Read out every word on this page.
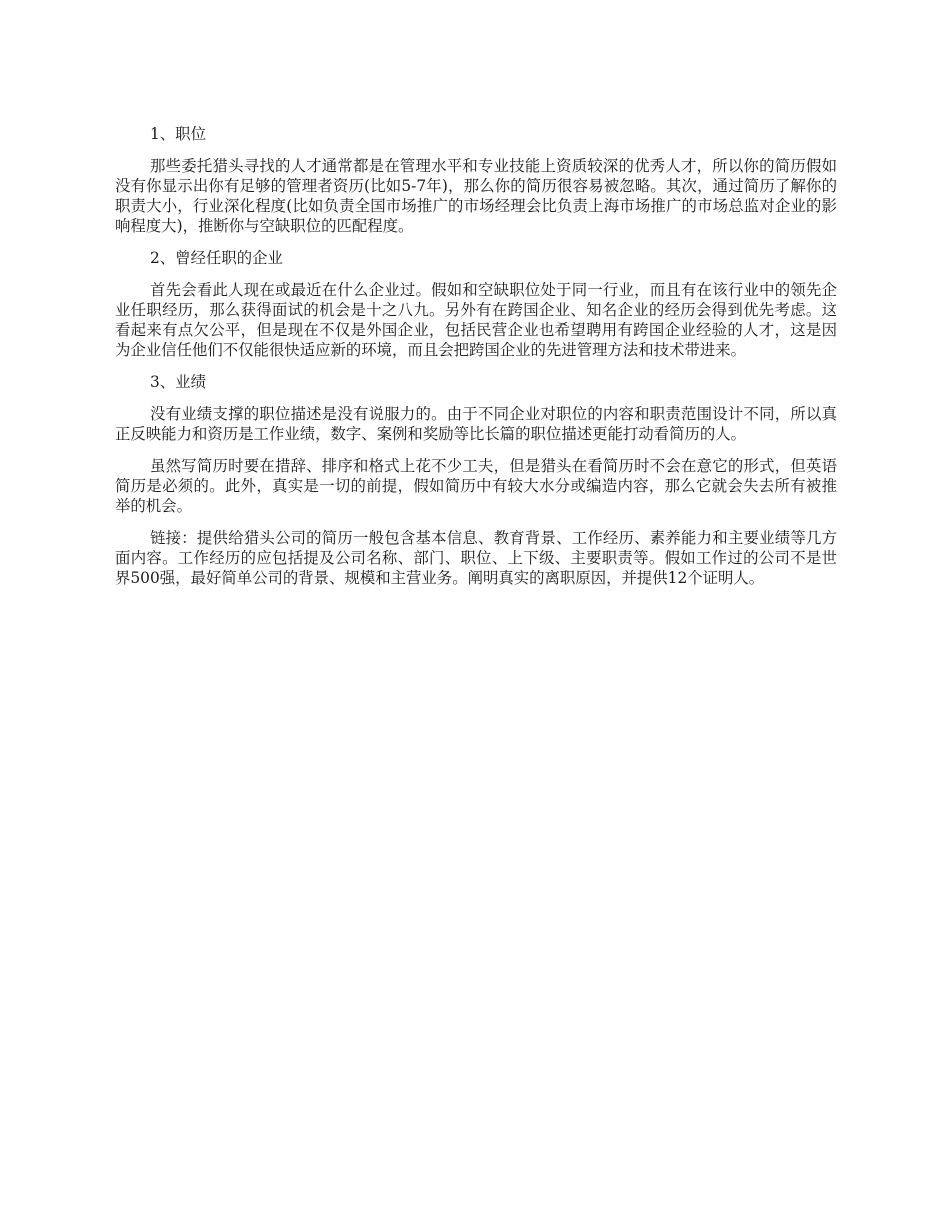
1、职位

那些委托猎头寻找的人才通常都是在管理水平和专业技能上资质较深的优秀人才，所以你的简历假如没有你显示出你有足够的管理者资历(比如5-7年)，那么你的简历很容易被忽略。其次，通过简历了解你的职责大小，行业深化程度(比如负责全国市场推广的市场经理会比负责上海市场推广的市场总监对企业的影响程度大)，推断你与空缺职位的匹配程度。

2、曾经任职的企业

首先会看此人现在或最近在什么企业过。假如和空缺职位处于同一行业，而且有在该行业中的领先企业任职经历，那么获得面试的机会是十之八九。另外有在跨国企业、知名企业的经历会得到优先考虑。这看起来有点欠公平，但是现在不仅是外国企业，包括民营企业也希望聘用有跨国企业经验的人才，这是因为企业信任他们不仅能很快适应新的环境，而且会把跨国企业的先进管理方法和技术带进来。

3、业绩

没有业绩支撑的职位描述是没有说服力的。由于不同企业对职位的内容和职责范围设计不同，所以真正反映能力和资历是工作业绩，数字、案例和奖励等比长篇的职位描述更能打动看简历的人。

虽然写简历时要在措辞、排序和格式上花不少工夫，但是猎头在看简历时不会在意它的形式，但英语简历是必须的。此外，真实是一切的前提，假如简历中有较大水分或编造内容，那么它就会失去所有被推举的机会。

链接：提供给猎头公司的简历一般包含基本信息、教育背景、工作经历、素养能力和主要业绩等几方面内容。工作经历的应包括提及公司名称、部门、职位、上下级、主要职责等。假如工作过的公司不是世界500强，最好简单公司的背景、规模和主营业务。阐明真实的离职原因，并提供12个证明人。
